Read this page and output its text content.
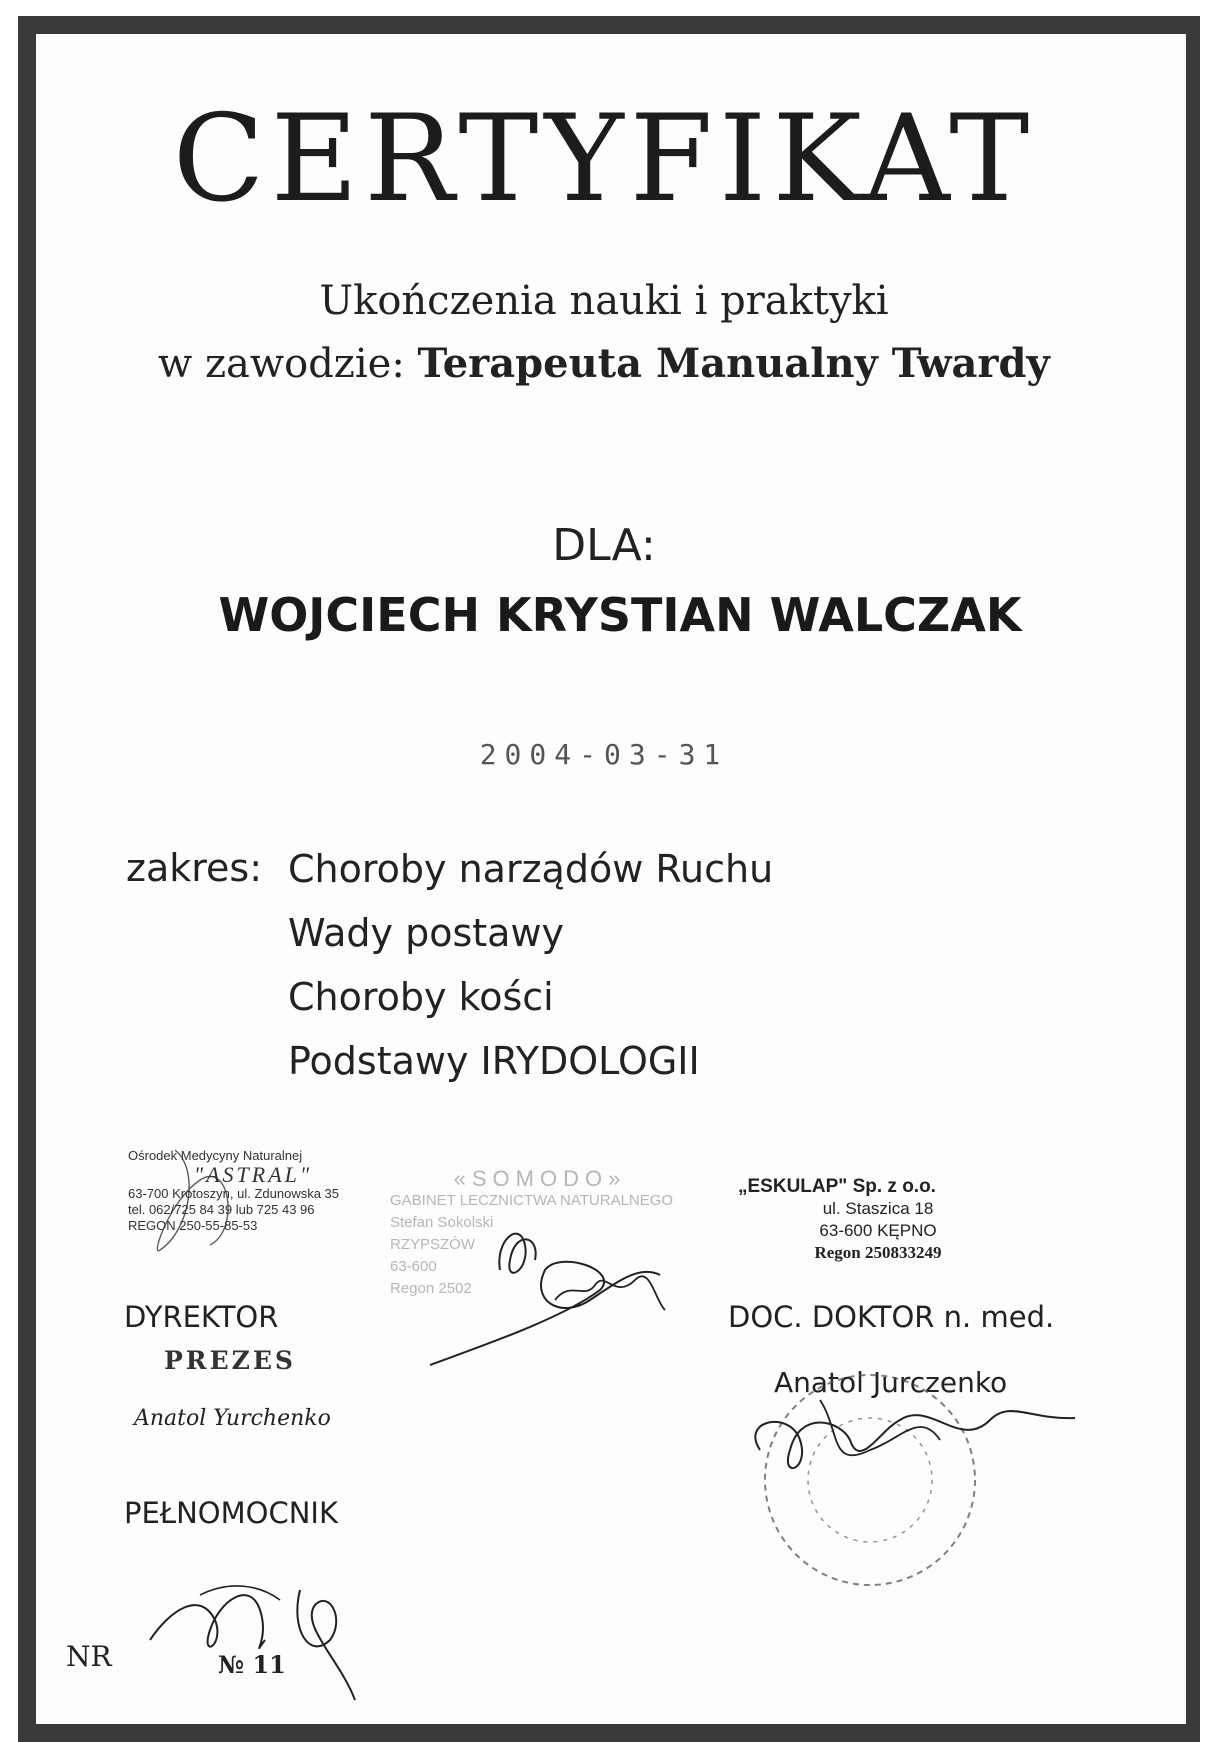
CERTYFIKAT
Ukończenia nauki i praktyki
w zawodzie: Terapeuta Manualny Twardy
DLA:
WOJCIECH KRYSTIAN WALCZAK
2004-03-31
zakres: Choroby narządów Ruchu
Wady postawy
Choroby kości
Podstawy IRYDOLOGII
Ośrodek Medycyny Naturalnej
"ASTRAL"
63-700 Krotoszyn, ul. Zdunowska 35
tel. 062/725 84 39 lub 725 43 96
REGON 250-55-85-53
«SOMODO»
GABINET LECZNICTWA NATURALNEGO
Stefan Sokolski
RZYPSZÓW
63-600
Regon 2502
„ESKULAP" Sp. z o.o.
ul. Staszica 18
63-600 KĘPNO
Regon 250833249
DYREKTOR
PREZES
Anatol Yurchenko
DOC. DOKTOR n. med.
Anatol Jurczenko
PEŁNOMOCNIK
NR	№ 11
